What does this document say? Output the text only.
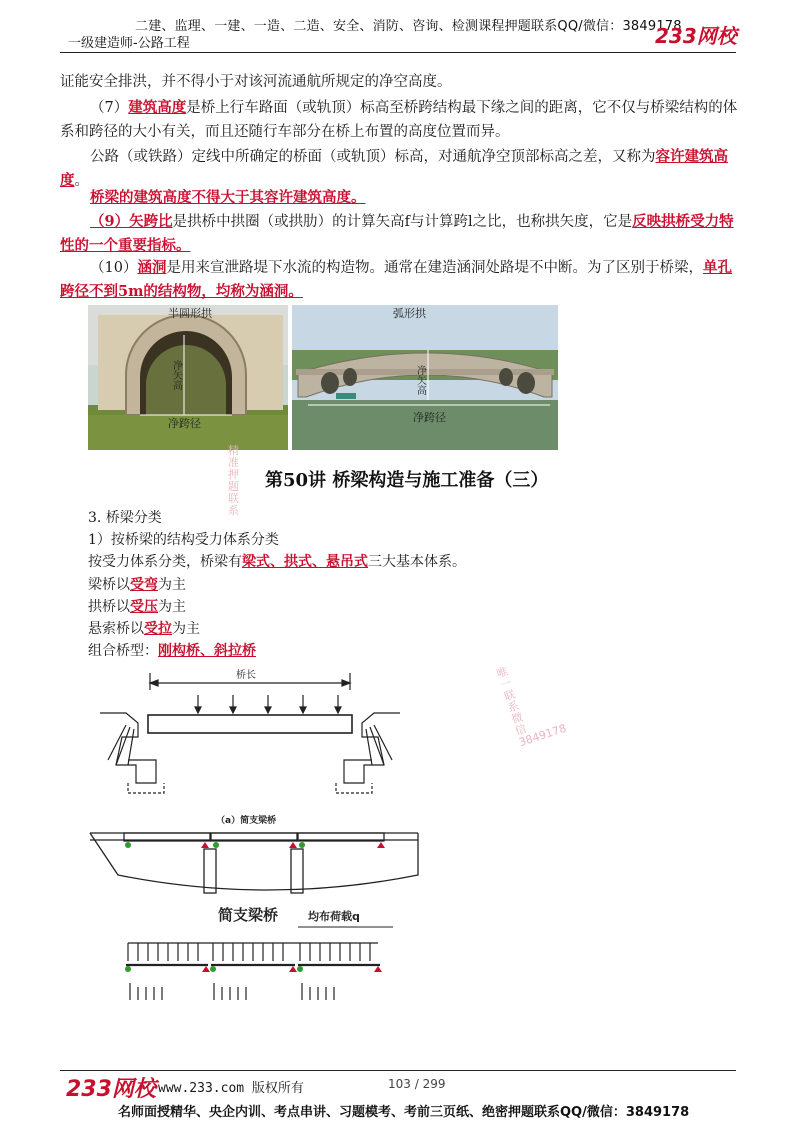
二建、监理、一建、一造、二造、安全、消防、咨询、检测课程押题联系QQ/微信：3849178
一级建造师-公路工程	233网校
证能安全排洪，并不得小于对该河流通航所规定的净空高度。
（7）建筑高度是桥上行车路面（或轨顶）标高至桥跨结构最下缘之间的距离，它不仅与桥梁结构的体系和跨径的大小有关，而且还随行车部分在桥上布置的高度位置而异。
公路（或铁路）定线中所确定的桥面（或轨顶）标高，对通航净空顶部标高之差，又称为容许建筑高度。
桥梁的建筑高度不得大于其容许建筑高度。
（9）矢跨比是拱桥中拱圈（或拱肋）的计算矢高f与计算跨l之比，也称拱矢度，它是反映拱桥受力特性的一个重要指标。
（10）涵洞是用来宣泄路堤下水流的构造物。通常在建造涵洞处路堤不中断。为了区别于桥梁，单孔跨径不到5m的结构物，均称为涵洞。
半圆形拱
净矢高
净跨径
弧形拱
净矢高
净跨径
精准押题联系
第50讲 桥梁构造与施工准备（三）
3. 桥梁分类
1）按桥梁的结构受力体系分类
按受力体系分类，桥梁有梁式、拱式、悬吊式三大基本体系。
梁桥以受弯为主
拱桥以受压为主
悬索桥以受拉为主
组合桥型：刚构桥、斜拉桥
唯一联系微信3849178
桥长
（a）简支梁桥
简支梁桥	均布荷载q
233网校 www.233.com 版权所有	103 / 299
名师面授精华、央企内训、考点串讲、习题模考、考前三页纸、绝密押题联系QQ/微信：3849178
